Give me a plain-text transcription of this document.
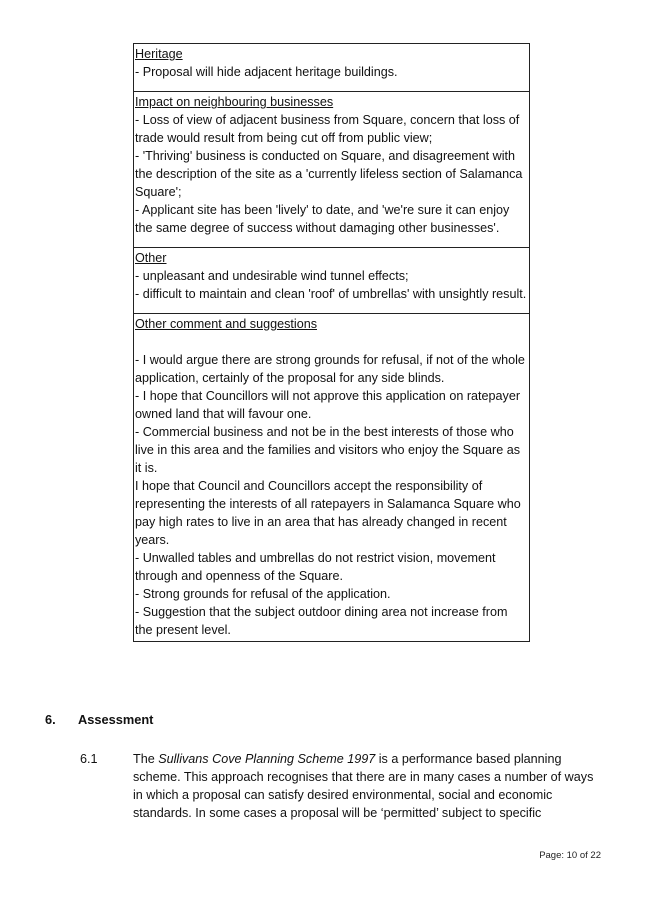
Heritage
- Proposal will hide adjacent heritage buildings.
Impact on neighbouring businesses
- Loss of view of adjacent business from Square, concern that loss of
trade would result from being cut off from public view;
- 'Thriving' business is conducted on Square, and disagreement with
the description of the site as a 'currently lifeless section of Salamanca
Square';
- Applicant site has been 'lively' to date, and 'we're sure it can enjoy
the same degree of success without damaging other businesses'.
Other
- unpleasant and undesirable wind tunnel effects;
- difficult to maintain and clean 'roof' of umbrellas' with unsightly result.
Other comment and suggestions
- I would argue there are strong grounds for refusal, if not of the whole
application, certainly of the proposal for any side blinds.
- I hope that Councillors will not approve this application on ratepayer
owned land that will favour one.
- Commercial business and not be in the best interests of those who
live in this area and the families and visitors who enjoy the Square as
it is.
I hope that Council and Councillors accept the responsibility of
representing the interests of all ratepayers in Salamanca Square who
pay high rates to live in an area that has already changed in recent
years.
- Unwalled tables and umbrellas do not restrict vision, movement
through and openness of the Square.
- Strong grounds for refusal of the application.
- Suggestion that the subject outdoor dining area not increase from
the present level.
6.	Assessment
6.1	The Sullivans Cove Planning Scheme 1997 is a performance based planning
scheme. This approach recognises that there are in many cases a number of ways
in which a proposal can satisfy desired environmental, social and economic
standards. In some cases a proposal will be ‘permitted’ subject to specific
Page: 10 of 22
